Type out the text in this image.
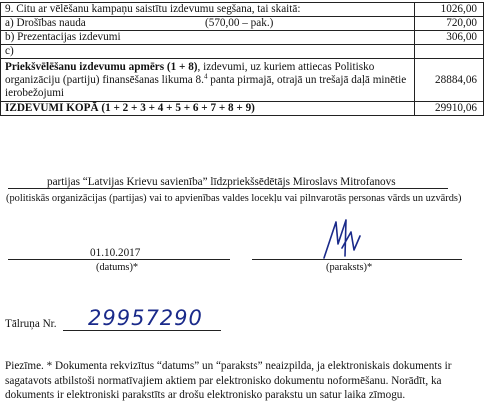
9. Citu ar vēlēšanu kampaņu saistītu izdevumu segšana, tai skaitā:	1026,00
a) Drošības nauda (570,00 – pak.)	720,00
b) Prezentacijas izdevumi	306,00
c)	
Priekšvēlēšanu izdevumu apmērs (1 + 8), izdevumi, uz kuriem attiecas Politisko organizāciju (partiju) finansēšanas likuma 8.$^4$ panta pirmajā, otrajā un trešajā daļā minētie ierobežojumi	28884,06
IZDEVUMI KOPĀ (1 + 2 + 3 + 4 + 5 + 6 + 7 + 8 + 9)	29910,06
partijas “Latvijas Krievu savienība” līdzpriekšsēdētājs Miroslavs Mitrofanovs
(politiskās organizācijas (partijas) vai to apvienības valdes locekļu vai pilnvarotās personas vārds un uzvārds)
01.10.2017
(datums)*	(paraksts)*
Tālruņa Nr. 29957290
Piezīme. * Dokumenta rekvizītus “datums” un “paraksts” neaizpilda, ja elektroniskais dokuments ir sagatavots atbilstoši normatīvajiem aktiem par elektronisko dokumentu noformēšanu. Norādīt, ka dokuments ir elektroniski parakstīts ar drošu elektronisko parakstu un satur laika zīmogu.
